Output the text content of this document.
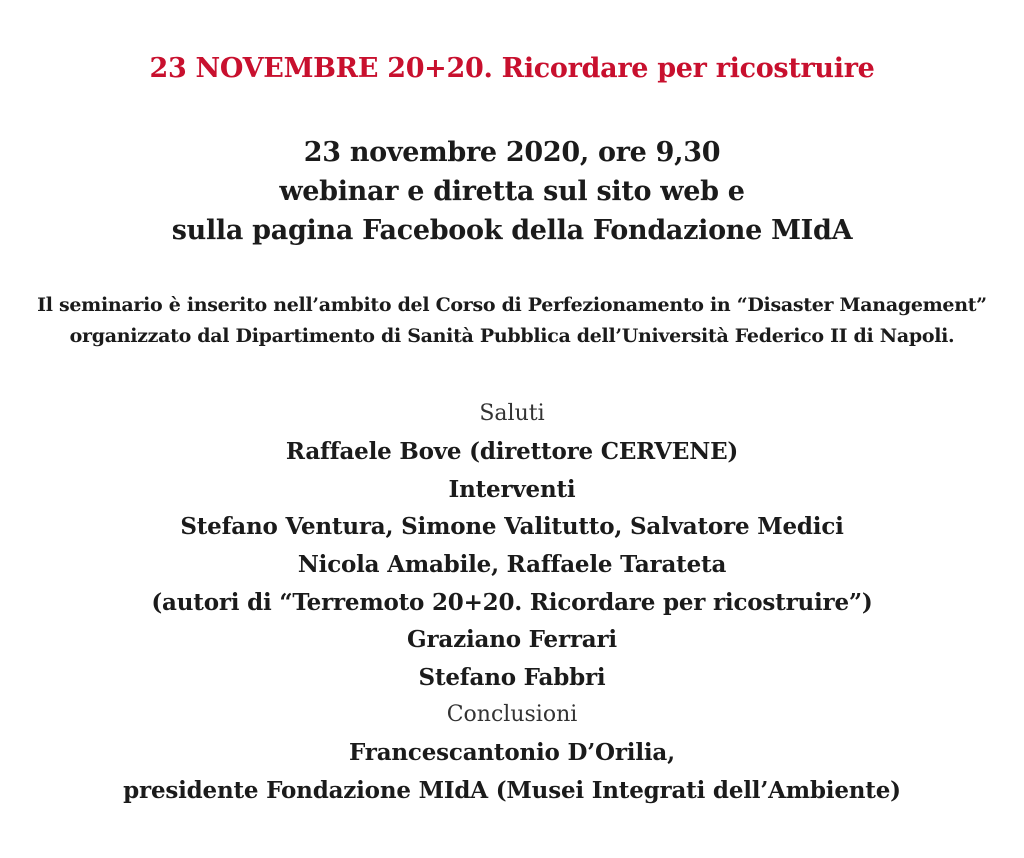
23 NOVEMBRE 20+20. Ricordare per ricostruire
23 novembre 2020, ore 9,30
webinar e diretta sul sito web e
sulla pagina Facebook della Fondazione MIdA
Il seminario è inserito nell’ambito del Corso di Perfezionamento in “Disaster Management”
organizzato dal Dipartimento di Sanità Pubblica dell’Università Federico II di Napoli.
Saluti
Raffaele Bove (direttore CERVENE)
Interventi
Stefano Ventura, Simone Valitutto, Salvatore Medici
Nicola Amabile, Raffaele Tarateta
(autori di “Terremoto 20+20. Ricordare per ricostruire”)
Graziano Ferrari
Stefano Fabbri
Conclusioni
Francescantonio D’Orilia,
presidente Fondazione MIdA (Musei Integrati dell’Ambiente)
